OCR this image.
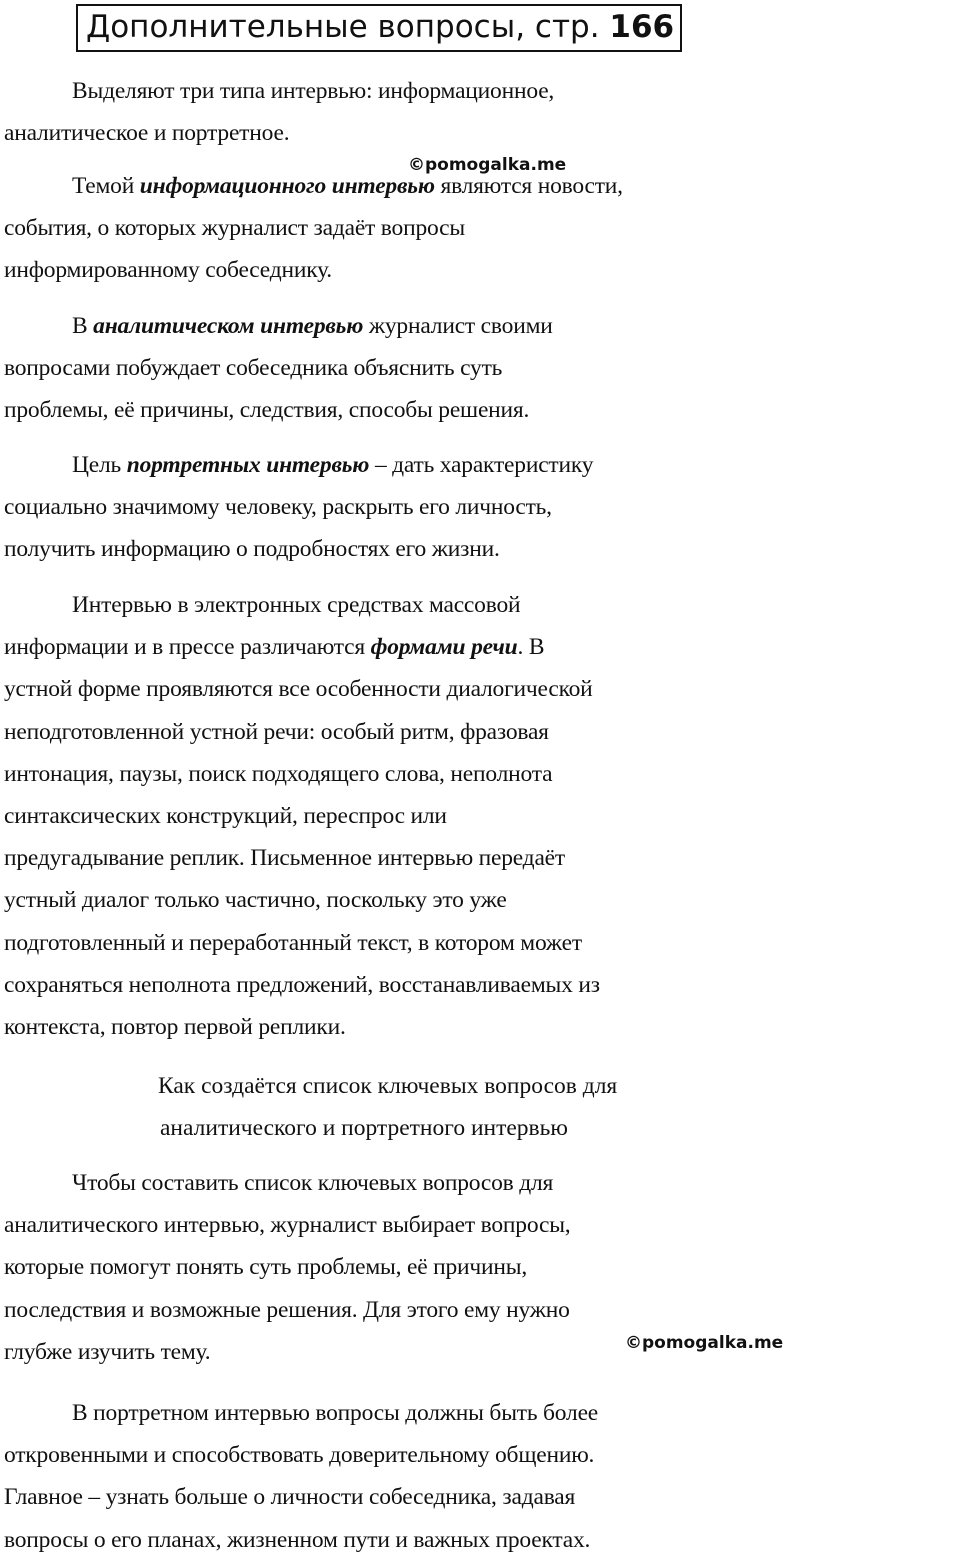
Дополнительные вопросы, стр. 166
Выделяют три типа интервью: информационное,
аналитическое и портретное.
©pomogalka.me
Темой информационного интервью являются новости,
события, о которых журналист задаёт вопросы
информированному собеседнику.
В аналитическом интервью журналист своими
вопросами побуждает собеседника объяснить суть
проблемы, её причины, следствия, способы решения.
Цель портретных интервью – дать характеристику
социально значимому человеку, раскрыть его личность,
получить информацию о подробностях его жизни.
Интервью в электронных средствах массовой
информации и в прессе различаются формами речи. В
устной форме проявляются все особенности диалогической
неподготовленной устной речи: особый ритм, фразовая
интонация, паузы, поиск подходящего слова, неполнота
синтаксических конструкций, переспрос или
предугадывание реплик. Письменное интервью передаёт
устный диалог только частично, поскольку это уже
подготовленный и переработанный текст, в котором может
сохраняться неполнота предложений, восстанавливаемых из
контекста, повтор первой реплики.
Как создаётся список ключевых вопросов для
аналитического и портретного интервью
Чтобы составить список ключевых вопросов для
аналитического интервью, журналист выбирает вопросы,
которые помогут понять суть проблемы, её причины,
последствия и возможные решения. Для этого ему нужно
глубже изучить тему.	©pomogalka.me
В портретном интервью вопросы должны быть более
откровенными и способствовать доверительному общению.
Главное – узнать больше о личности собеседника, задавая
вопросы о его планах, жизненном пути и важных проектах.
